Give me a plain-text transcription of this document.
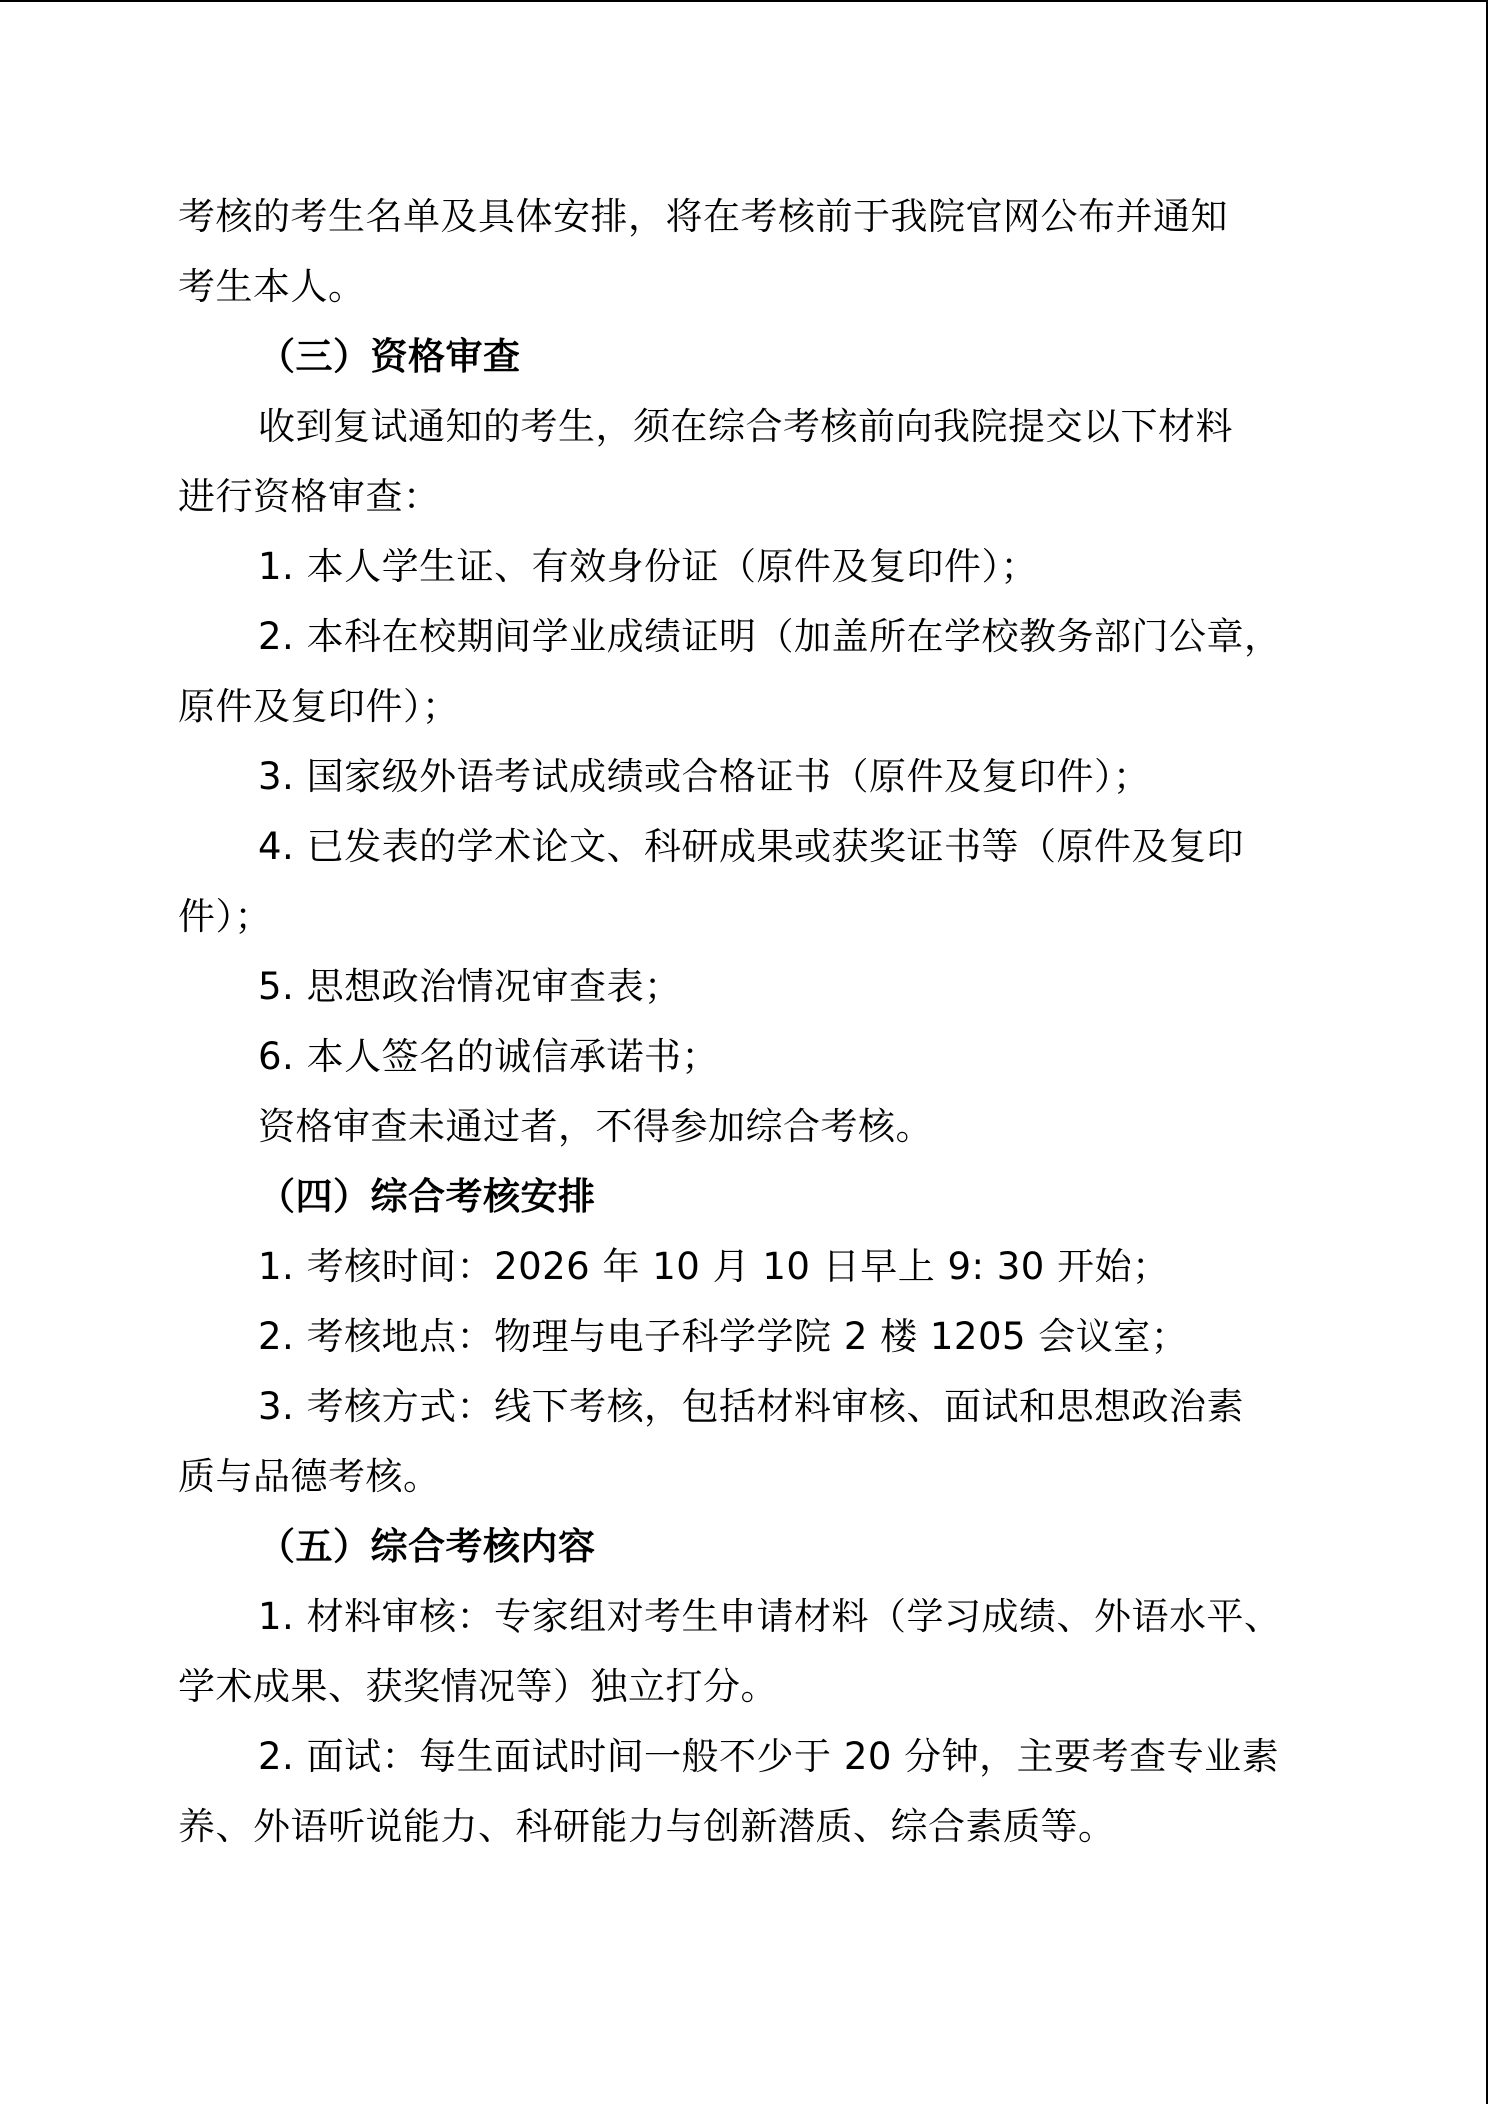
考核的考生名单及具体安排，将在考核前于我院官网公布并通知

考生本人。

（三）资格审查

收到复试通知的考生，须在综合考核前向我院提交以下材料

进行资格审查：

1. 本人学生证、有效身份证（原件及复印件）；

2. 本科在校期间学业成绩证明（加盖所在学校教务部门公章，

原件及复印件）；

3. 国家级外语考试成绩或合格证书（原件及复印件）；

4. 已发表的学术论文、科研成果或获奖证书等（原件及复印

件）；

5. 思想政治情况审查表；

6. 本人签名的诚信承诺书；

资格审查未通过者，不得参加综合考核。

（四）综合考核安排

1. 考核时间：2026 年 10 月 10 日早上 9: 30 开始；

2. 考核地点：物理与电子科学学院 2 楼 1205 会议室；

3. 考核方式：线下考核，包括材料审核、面试和思想政治素

质与品德考核。

（五）综合考核内容

1. 材料审核：专家组对考生申请材料（学习成绩、外语水平、

学术成果、获奖情况等）独立打分。

2. 面试：每生面试时间一般不少于 20 分钟，主要考查专业素

养、外语听说能力、科研能力与创新潜质、综合素质等。
